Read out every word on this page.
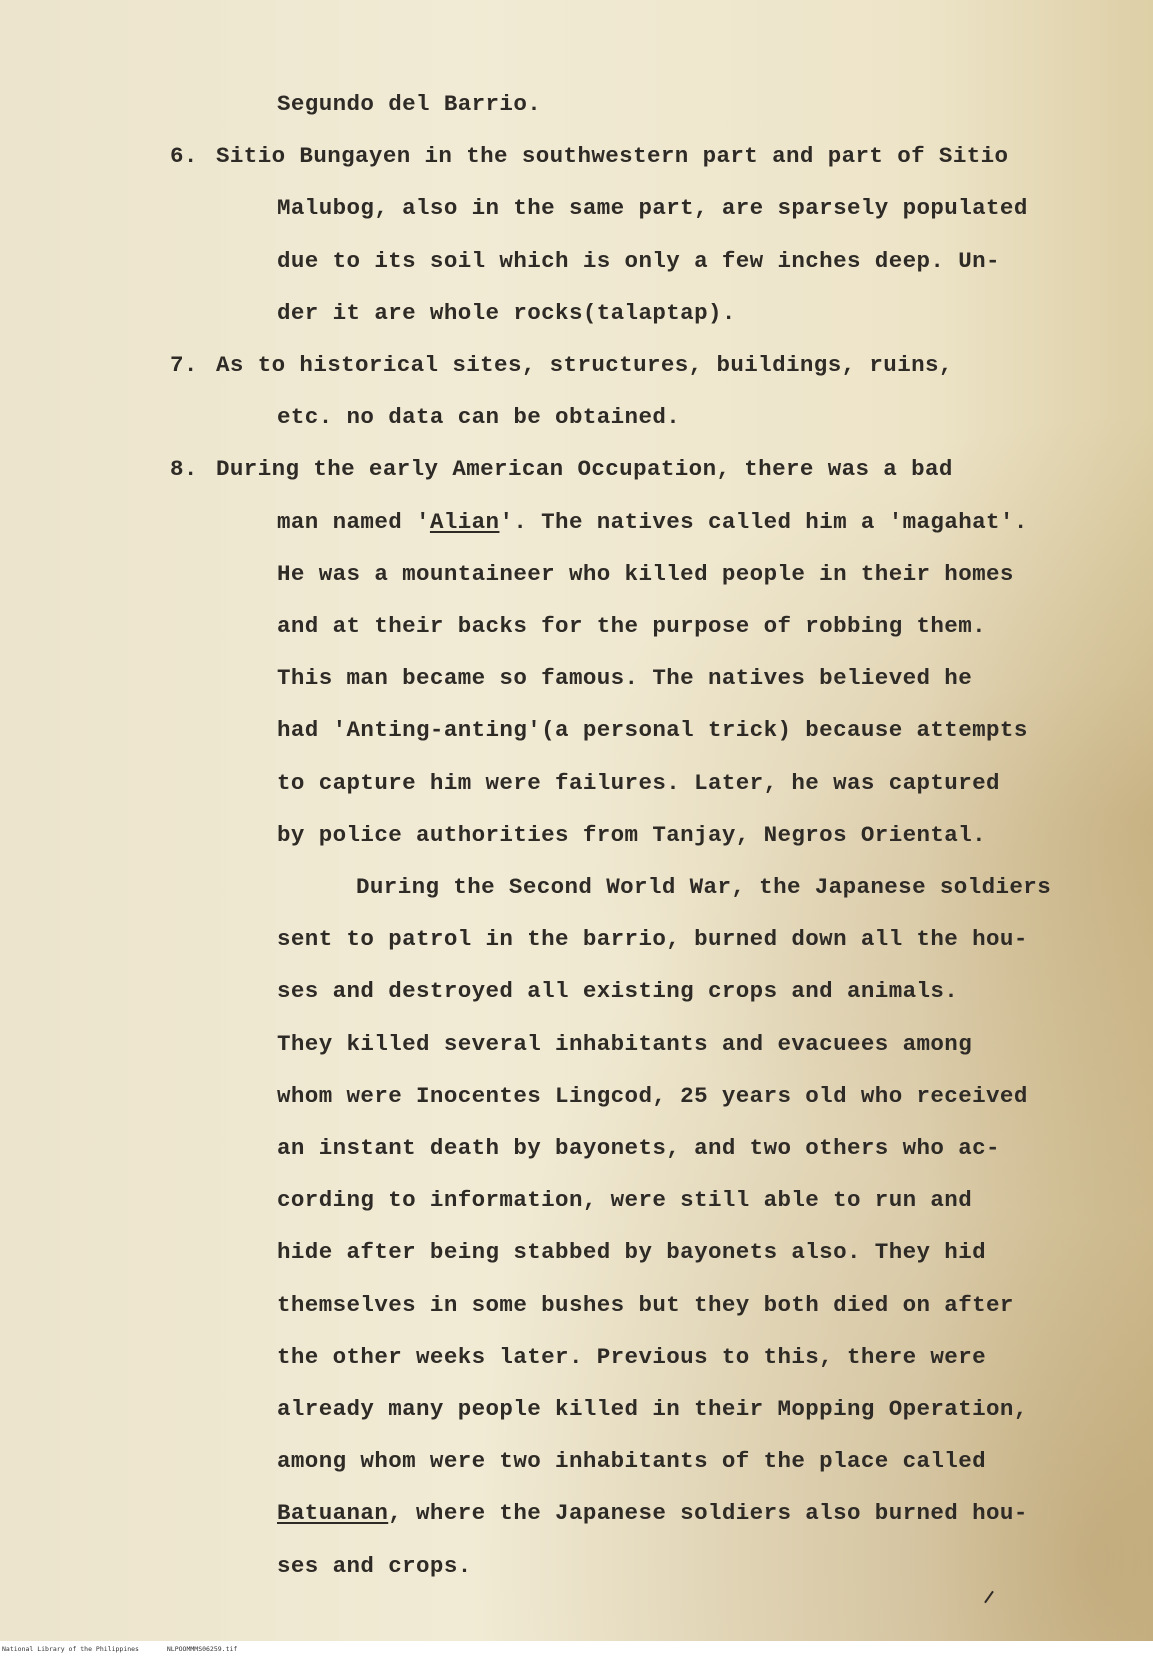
Segundo del Barrio.
6. Sitio Bungayen in the southwestern part and part of Sitio
Malubog, also in the same part, are sparsely populated
due to its soil which is only a few inches deep. Un-
der it are whole rocks(talaptap).
7. As to historical sites, structures, buildings, ruins,
etc. no data can be obtained.
8. During the early American Occupation, there was a bad
man named 'Alian'. The natives called him a 'magahat'.
He was a mountaineer who killed people in their homes
and at their backs for the purpose of robbing them.
This man became so famous. The natives believed he
had 'Anting-anting'(a personal trick) because attempts
to capture him were failures. Later, he was captured
by police authorities from Tanjay, Negros Oriental.
During the Second World War, the Japanese soldiers
sent to patrol in the barrio, burned down all the hou-
ses and destroyed all existing crops and animals.
They killed several inhabitants and evacuees among
whom were Inocentes Lingcod, 25 years old who received
an instant death by bayonets, and two others who ac-
cording to information, were still able to run and
hide after being stabbed by bayonets also. They hid
themselves in some bushes but they both died on after
the other weeks later. Previous to this, there were
already many people killed in their Mopping Operation,
among whom were two inhabitants of the place called
Batuanan, where the Japanese soldiers also burned hou-
ses and crops.
National Library of the Philippines	NLPOOMMMS06259.tif
